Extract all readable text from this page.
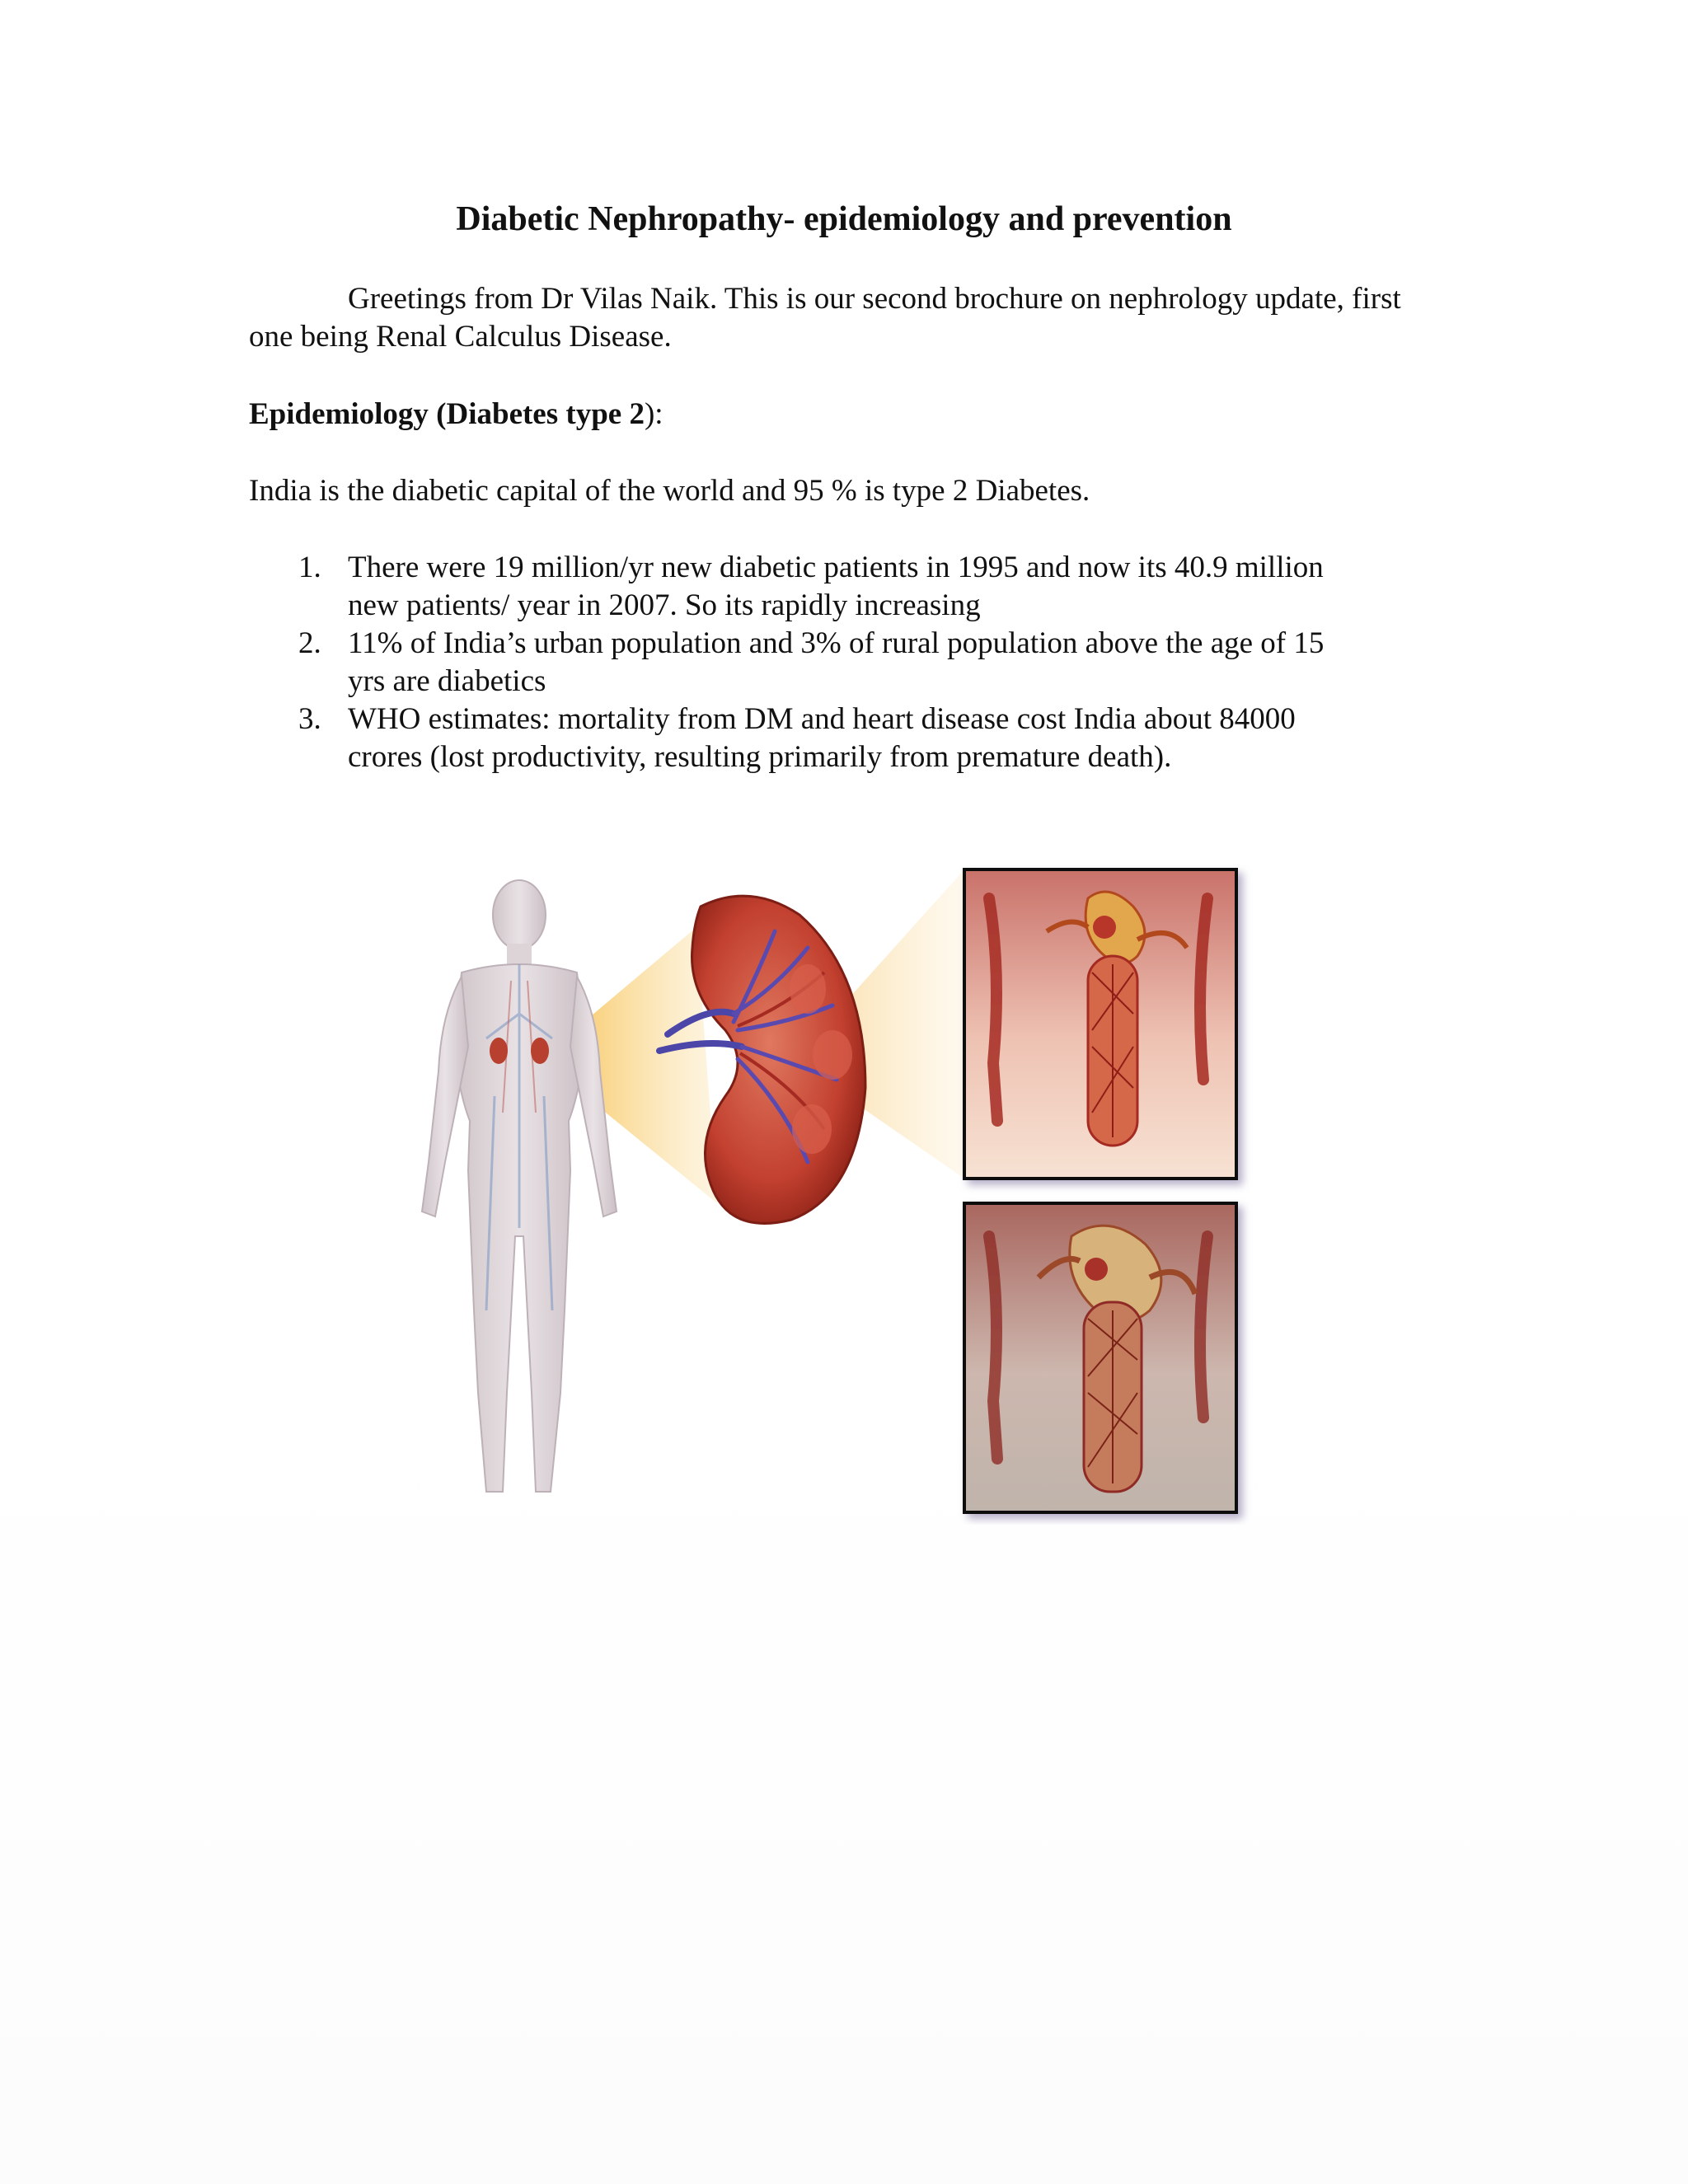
Diabetic Nephropathy- epidemiology and prevention

Greetings from Dr Vilas Naik. This is our second brochure on nephrology update, first one being Renal Calculus Disease.

Epidemiology (Diabetes type 2):

India is the diabetic capital of the world and 95 % is type 2 Diabetes.

1. There were 19 million/yr new diabetic patients in 1995 and now its 40.9 million new patients/ year in 2007. So its rapidly increasing
2. 11% of India’s urban population and 3% of rural population above the age of 15 yrs are diabetics
3. WHO estimates: mortality from DM and heart disease cost India about 84000 crores (lost productivity, resulting primarily from premature death).
